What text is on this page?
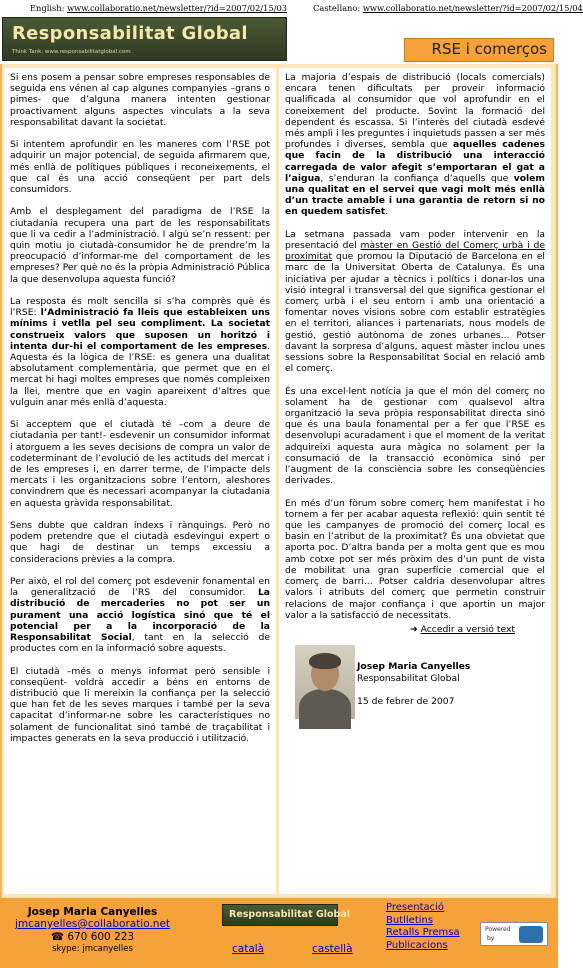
English: www.collaboratio.net/newsletter/?id=2007/02/15/03	Castellano: www.collaboratio.net/newsletter/?id=2007/02/15/04
Responsabilitat Global
Think Tank: www.responsabilitatglobal.com	RSE i comerços

Si ens posem a pensar sobre empreses responsables de seguida ens vénen al cap algunes companyies –grans o pimes- que d’alguna manera intenten gestionar proactivament alguns aspectes vinculats a la seva responsabilitat davant la societat.

Si intentem aprofundir en les maneres com l’RSE pot adquirir un major potencial, de seguida afirmarem que, més enllà de polítiques públiques i reconeixements, el que cal és una acció conseqüent per part dels consumidors.

Amb el desplegament del paradigma de l’RSE la ciutadania recupera una part de les responsabilitats que li va cedir a l’administració. I algú se’n ressent: per quin motiu jo ciutadà-consumidor he de prendre’m la preocupació d’informar-me del comportament de les empreses? Per què no és la pròpia Administració Pública la que desenvolupa aquesta funció?

La resposta és molt sencilla si s’ha comprès què és l’RSE: l’Administració fa lleis que estableixen uns mínims i vetlla pel seu compliment. La societat construeix valors que suposen un horitzó i intenta dur-hi el comportament de les empreses. Aquesta és la lògica de l’RSE: es genera una dualitat absolutament complementària, que permet que en el mercat hi hagi moltes empreses que només compleixen la llei, mentre que en vagin apareixent d’altres que vulguin anar més enllà d’aquesta.

Si acceptem que el ciutadà té –com a deure de ciutadania per tant!- esdevenir un consumidor informat i atorguem a les seves decisions de compra un valor de codeterminant de l’evolució de les actituds del mercat i de les empreses i, en darrer terme, de l’impacte dels mercats i les organitzacions sobre l’entorn, aleshores convindrem que és necessari acompanyar la ciutadania en aquesta gràvida responsabilitat.

Sens dubte que caldran índexs i rànquings. Però no podem pretendre que el ciutadà esdevingui expert o que hagi de destinar un temps excessiu a consideracions prèvies a la compra.

Per això, el rol del comerç pot esdevenir fonamental en la generalització de l’RS del consumidor. La distribució de mercaderies no pot ser un purament una acció logística sinó que té el potencial per a la incorporació de la Responsabilitat Social, tant en la selecció de productes com en la informació sobre aquests.

El ciutadà –més o menys informat però sensible i conseqüent- voldrà accedir a béns en entorns de distribució que li mereixin la confiança per la selecció que han fet de les seves marques i també per la seva capacitat d’informar-ne sobre les característiques no solament de funcionalitat sinó també de traçabilitat i impactes generats en la seva producció i utilització.

La majoria d’espais de distribució (locals comercials) encara tenen dificultats per proveir informació qualificada al consumidor que vol aprofundir en el coneixement del producte. Sovint la formació del dependent és escassa. Si l’interès del ciutadà esdevé més ampli i les preguntes i inquietuds passen a ser més profundes i diverses, sembla que aquelles cadenes que facin de la distribució una interacció carregada de valor afegit s’emportaran el gat a l’aigua, s’enduran la confiança d’aquells que volem una qualitat en el servei que vagi molt més enllà d’un tracte amable i una garantia de retorn si no en quedem satisfet.

La setmana passada vam poder intervenir en la presentació del màster en Gestió del Comerç urbà i de proximitat que promou la Diputació de Barcelona en el marc de la Universitat Oberta de Catalunya. És una iniciativa per ajudar a tècnics i polítics i donar-los una visió integral i transversal del que significa gestionar el comerç urbà i el seu entorn i amb una orientació a fomentar noves visions sobre com establir estratègies en el territori, aliances i partenariats, nous models de gestió, gestió autònoma de zones urbanes... Potser davant la sorpresa d’alguns, aquest màster inclou unes sessions sobre la Responsabilitat Social en relació amb el comerç.

És una excel·lent notícia ja que el món del comerç no solament ha de gestionar com qualsevol altra organització la seva pròpia responsabilitat directa sinó que és una baula fonamental per a fer que l’RSE es desenvolupi acuradament i que el moment de la veritat adquireixi aquesta aura màgica no solament per la consumació de la transacció econòmica sinó per l’augment de la consciència sobre les conseqüències derivades.

En més d’un fòrum sobre comerç hem manifestat i ho tornem a fer per acabar aquesta reflexió: quin sentit té que les campanyes de promoció del comerç local es basin en l’atribut de la proximitat? És una obvietat que aporta poc. D’altra banda per a molta gent que es mou amb cotxe pot ser més pròxim des d’un punt de vista de mobilitat una gran superfície comercial que el comerç de barri... Potser caldria desenvolupar altres valors i atributs del comerç que permetin construir relacions de major confiança i que aportin un major valor a la satisfacció de necessitats.

➔ Accedir a versió text
Josep Maria Canyelles
Responsabilitat Global

15 de febrer de 2007
Josep Maria Canyelles
jmcanyelles@collaboratio.net
☎ 670 600 223
skype: jmcanyelles
Responsabilitat Global
català	castellà
Presentació
Butlletins
Retalls Premsa
Publicacions
Powered
by
